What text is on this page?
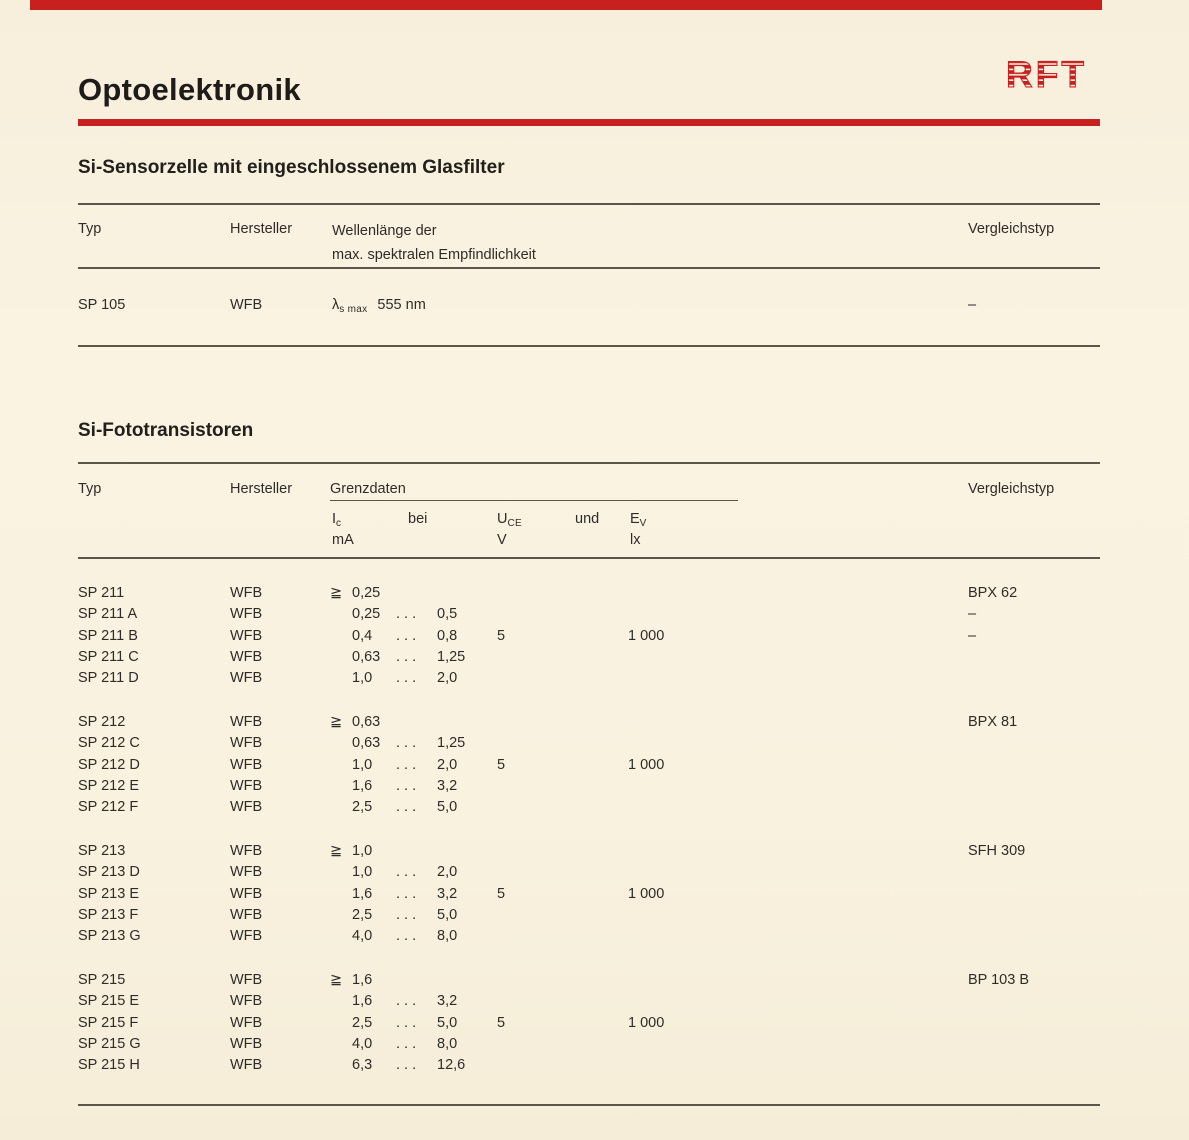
Optoelektronik	RFT
Si-Sensorzelle mit eingeschlossenem Glasfilter
Typ	Hersteller	Wellenlänge der
max. spektralen Empfindlichkeit
Vergleichstyp
SP 105	WFB	$\lambda_{s max}$ 555 nm	–
Si-Fototransistoren
Typ	Hersteller	Grenzdaten	Vergleichstyp
$I_c$	bei	$U_{CE}$	und $E_V$
mA	V	lx
SP 211	WFB	≧ 0,25	BPX 62
SP 211 A	WFB	0,25 . . . 0,5	–
SP 211 B	WFB	0,4 . . . 0,8	5	1 000	–
SP 211 C	WFB	0,63 . . . 1,25
SP 211 D	WFB	1,0 . . . 2,0
SP 212	WFB	≧ 0,63	BPX 81
SP 212 C	WFB	0,63 . . . 1,25
SP 212 D	WFB	1,0 . . . 2,0	5	1 000
SP 212 E	WFB	1,6 . . . 3,2
SP 212 F	WFB	2,5 . . . 5,0
SP 213	WFB	≧ 1,0	SFH 309
SP 213 D	WFB	1,0 . . . 2,0
SP 213 E	WFB	1,6 . . . 3,2	5	1 000
SP 213 F	WFB	2,5 . . . 5,0
SP 213 G	WFB	4,0 . . . 8,0
SP 215	WFB	≧ 1,6	BP 103 B
SP 215 E	WFB	1,6 . . . 3,2
SP 215 F	WFB	2,5 . . . 5,0	5	1 000
SP 215 G	WFB	4,0 . . . 8,0
SP 215 H	WFB	6,3 . . . 12,6
